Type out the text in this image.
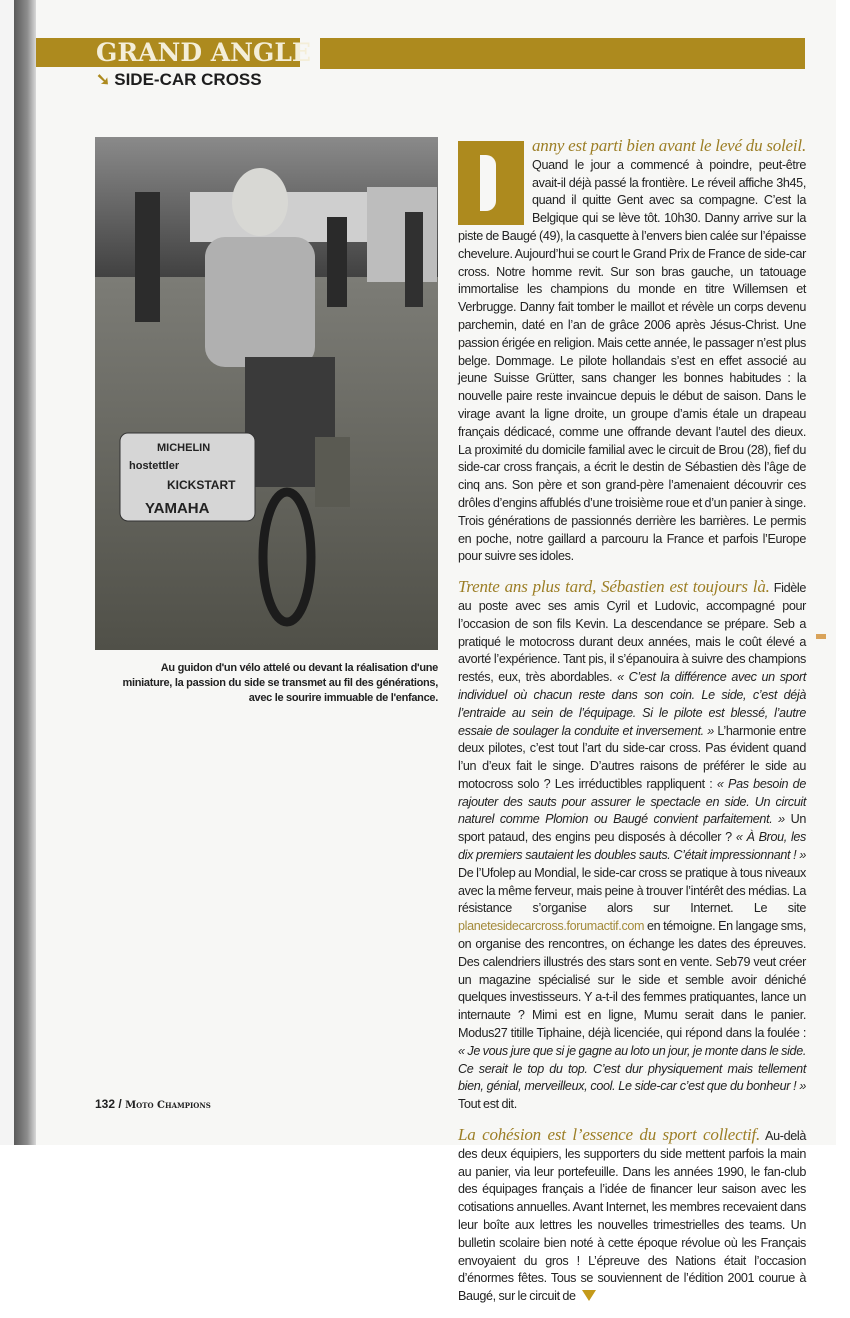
GRAND ANGLE
➘ SIDE-CAR CROSS
MICHELIN
hostettler
KICKSTART
YAMAHA
Au guidon d'un vélo attelé ou devant la réalisation d'une miniature, la passion du side se transmet au fil des générations, avec le sourire immuable de l'enfance.
anny est parti bien avant le levé du soleil. Quand le jour a commencé à poindre, peut-être avait-il déjà passé la frontière. Le réveil affiche 3h45, quand il quitte Gent avec sa compagne. C’est la Belgique qui se lève tôt. 10h30. Danny arrive sur la piste de Baugé (49), la casquette à l’envers bien calée sur l’épaisse chevelure. Aujourd’hui se court le Grand Prix de France de side-car cross. Notre homme revit. Sur son bras gauche, un tatouage immortalise les champions du monde en titre Willemsen et Verbrugge. Danny fait tomber le maillot et révèle un corps devenu parchemin, daté en l’an de grâce 2006 après Jésus-Christ. Une passion érigée en religion. Mais cette année, le passager n’est plus belge. Dommage. Le pilote hollandais s’est en effet associé au jeune Suisse Grütter, sans changer les bonnes habitudes : la nouvelle paire reste invaincue depuis le début de saison. Dans le virage avant la ligne droite, un groupe d’amis étale un drapeau français dédicacé, comme une offrande devant l’autel des dieux. La proximité du domicile familial avec le circuit de Brou (28), fief du side-car cross français, a écrit le destin de Sébastien dès l’âge de cinq ans. Son père et son grand-père l’amenaient découvrir ces drôles d’engins affublés d’une troisième roue et d’un panier à singe. Trois générations de passionnés derrière les barrières. Le permis en poche, notre gaillard a parcouru la France et parfois l’Europe pour suivre ses idoles.
Trente ans plus tard, Sébastien est toujours là. Fidèle au poste avec ses amis Cyril et Ludovic, accompagné pour l’occasion de son fils Kevin. La descendance se prépare. Seb a pratiqué le motocross durant deux années, mais le coût élevé a avorté l’expérience. Tant pis, il s’épanouira à suivre des champions restés, eux, très abordables. « C’est la différence avec un sport individuel où chacun reste dans son coin. Le side, c’est déjà l’entraide au sein de l’équipage. Si le pilote est blessé, l’autre essaie de soulager la conduite et inversement. » L’harmonie entre deux pilotes, c’est tout l’art du side-car cross. Pas évident quand l’un d’eux fait le singe. D’autres raisons de préférer le side au motocross solo ? Les irréductibles rappliquent : « Pas besoin de rajouter des sauts pour assurer le spectacle en side. Un circuit naturel comme Plomion ou Baugé convient parfaitement. » Un sport pataud, des engins peu disposés à décoller ? « À Brou, les dix premiers sautaient les doubles sauts. C’était impressionnant ! » De l’Ufolep au Mondial, le side-car cross se pratique à tous niveaux avec la même ferveur, mais peine à trouver l’intérêt des médias. La résistance s’organise alors sur Internet. Le site planetesidecarcross.forumactif.com en témoigne. En langage sms, on organise des rencontres, on échange les dates des épreuves. Des calendriers illustrés des stars sont en vente. Seb79 veut créer un magazine spécialisé sur le side et semble avoir déniché quelques investisseurs. Y a-t-il des femmes pratiquantes, lance un internaute ? Mimi est en ligne, Mumu serait dans le panier. Modus27 titille Tiphaine, déjà licenciée, qui répond dans la foulée : « Je vous jure que si je gagne au loto un jour, je monte dans le side. Ce serait le top du top. C’est dur physiquement mais tellement bien, génial, merveilleux, cool. Le side-car c’est que du bonheur ! » Tout est dit.
La cohésion est l’essence du sport collectif. Au-delà des deux équipiers, les supporters du side mettent parfois la main au panier, via leur portefeuille. Dans les années 1990, le fan-club des équipages français a l’idée de financer leur saison avec les cotisations annuelles. Avant Internet, les membres recevaient dans leur boîte aux lettres les nouvelles trimestrielles des teams. Un bulletin scolaire bien noté à cette époque révolue où les Français envoyaient du gros ! L’épreuve des Nations était l’occasion d’énormes fêtes. Tous se souviennent de l’édition 2001 courue à Baugé, sur le circuit de
132 / Moto Champions
